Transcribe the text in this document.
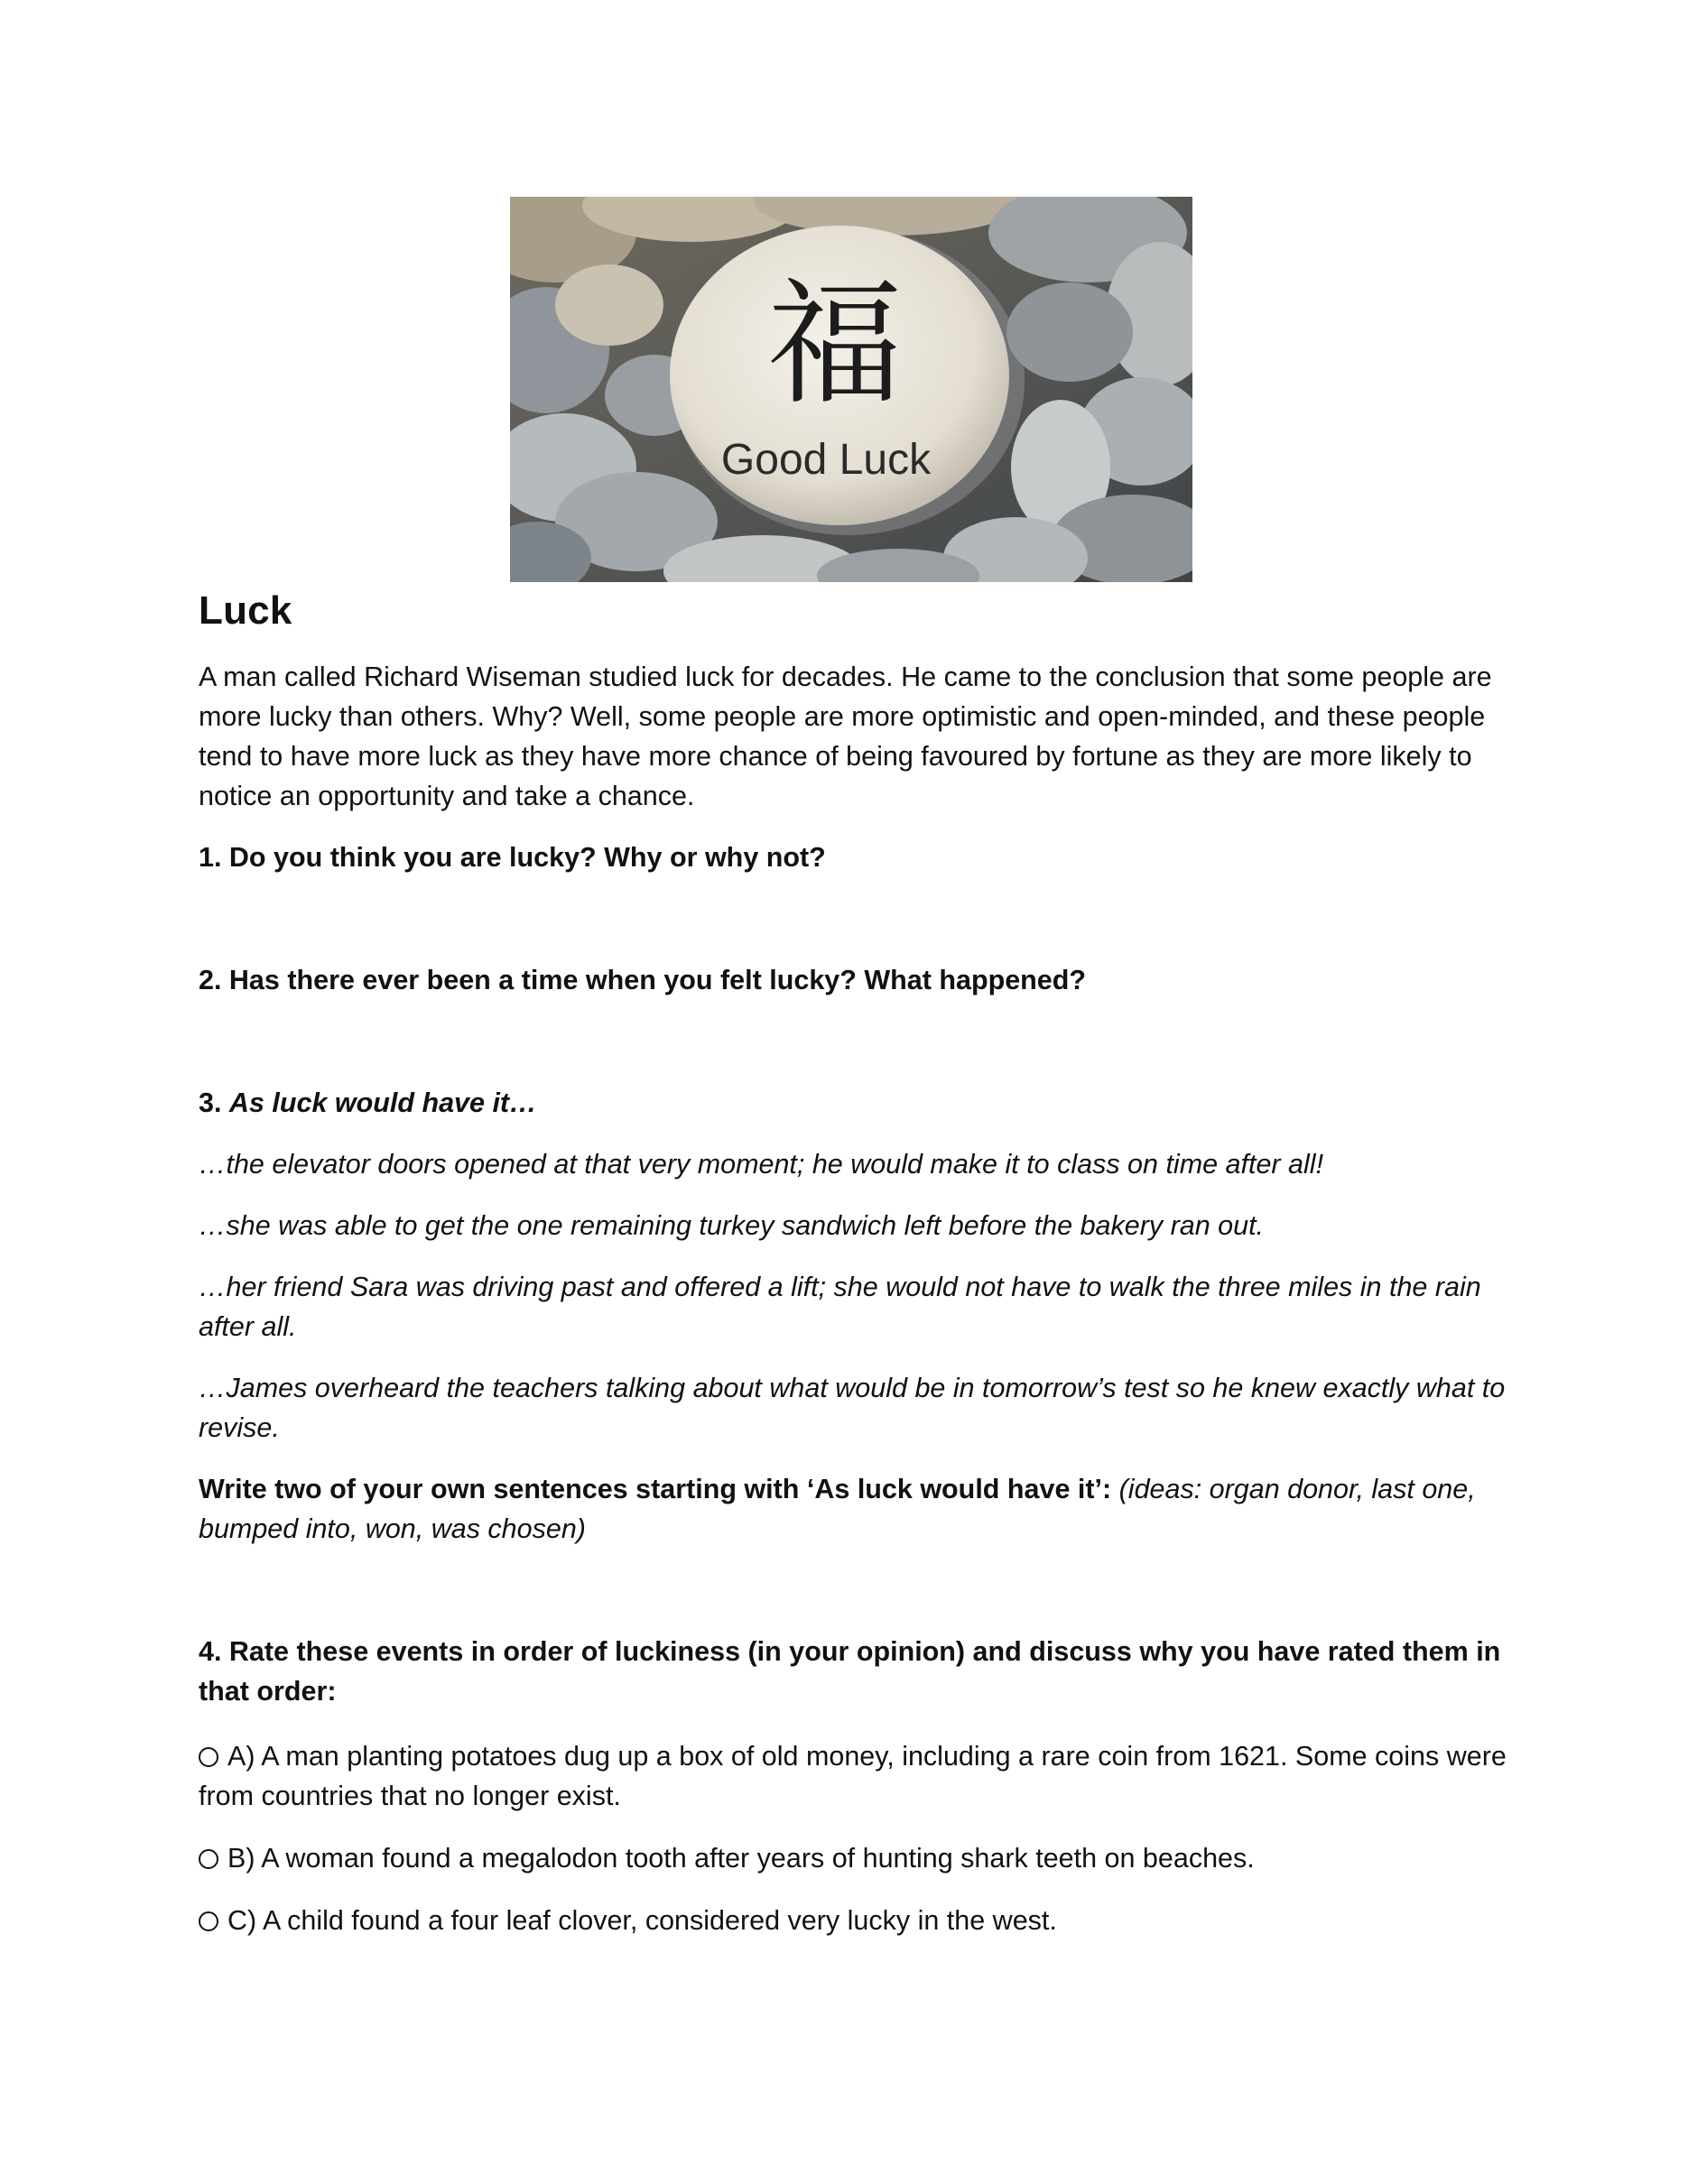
福
Good Luck
Luck

A man called Richard Wiseman studied luck for decades. He came to the conclusion that some people are more lucky than others. Why? Well, some people are more optimistic and open-minded, and these people tend to have more luck as they have more chance of being favoured by fortune as they are more likely to notice an opportunity and take a chance.

1. Do you think you are lucky? Why or why not?

2. Has there ever been a time when you felt lucky? What happened?

3. As luck would have it…

…the elevator doors opened at that very moment; he would make it to class on time after all!

…she was able to get the one remaining turkey sandwich left before the bakery ran out.

…her friend Sara was driving past and offered a lift; she would not have to walk the three miles in the rain after all.

…James overheard the teachers talking about what would be in tomorrow’s test so he knew exactly what to revise.

Write two of your own sentences starting with ‘As luck would have it’: (ideas: organ donor, last one, bumped into, won, was chosen)

4. Rate these events in order of luckiness (in your opinion) and discuss why you have rated them in that order:

A) A man planting potatoes dug up a box of old money, including a rare coin from 1621. Some coins were from countries that no longer exist.

B) A woman found a megalodon tooth after years of hunting shark teeth on beaches.

C) A child found a four leaf clover, considered very lucky in the west.
